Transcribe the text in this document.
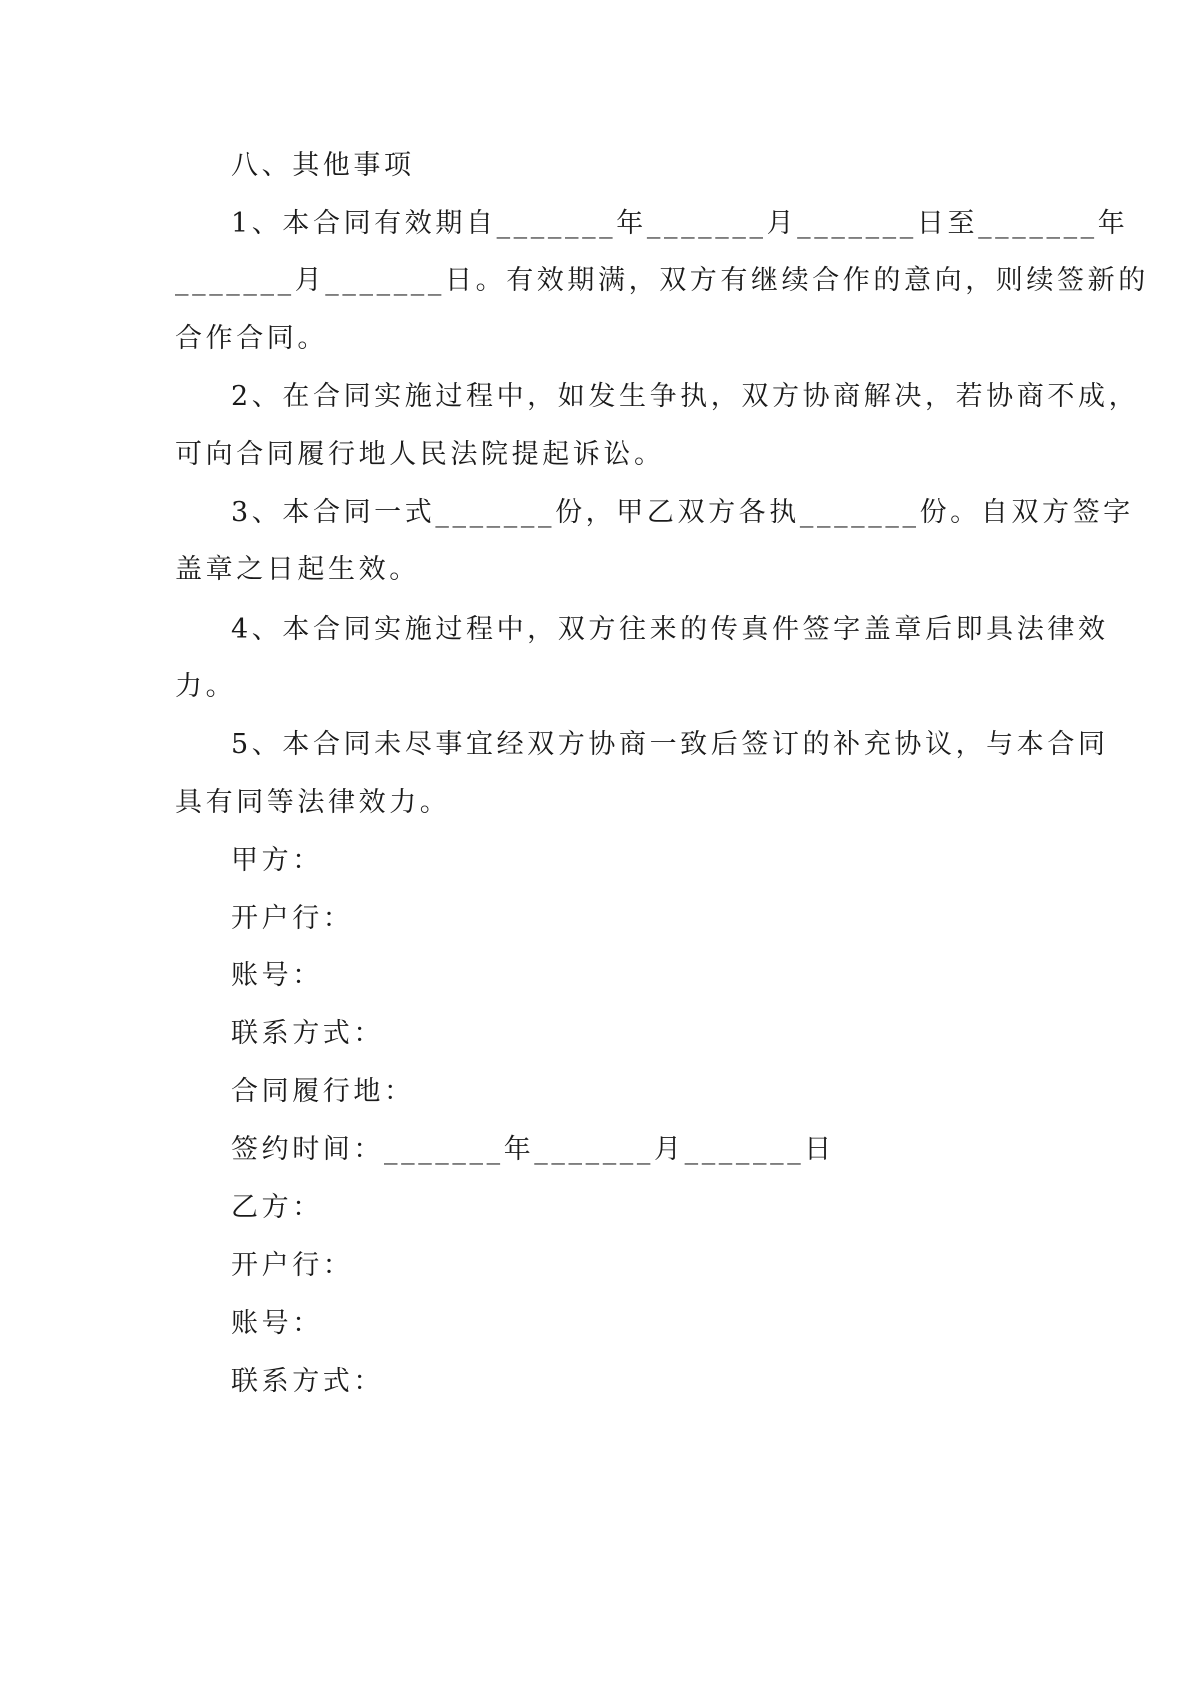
八、其他事项
1、本合同有效期自_______年_______月_______日至_______年
_______月_______日。有效期满，双方有继续合作的意向，则续签新的
合作合同。
2、在合同实施过程中，如发生争执，双方协商解决，若协商不成，
可向合同履行地人民法院提起诉讼。
3、本合同一式_______份，甲乙双方各执_______份。自双方签字
盖章之日起生效。
4、本合同实施过程中，双方往来的传真件签字盖章后即具法律效
力。
5、本合同未尽事宜经双方协商一致后签订的补充协议，与本合同
具有同等法律效力。
甲方：
开户行：
账号：
联系方式：
合同履行地：
签约时间：_______年_______月_______日
乙方：
开户行：
账号：
联系方式：
